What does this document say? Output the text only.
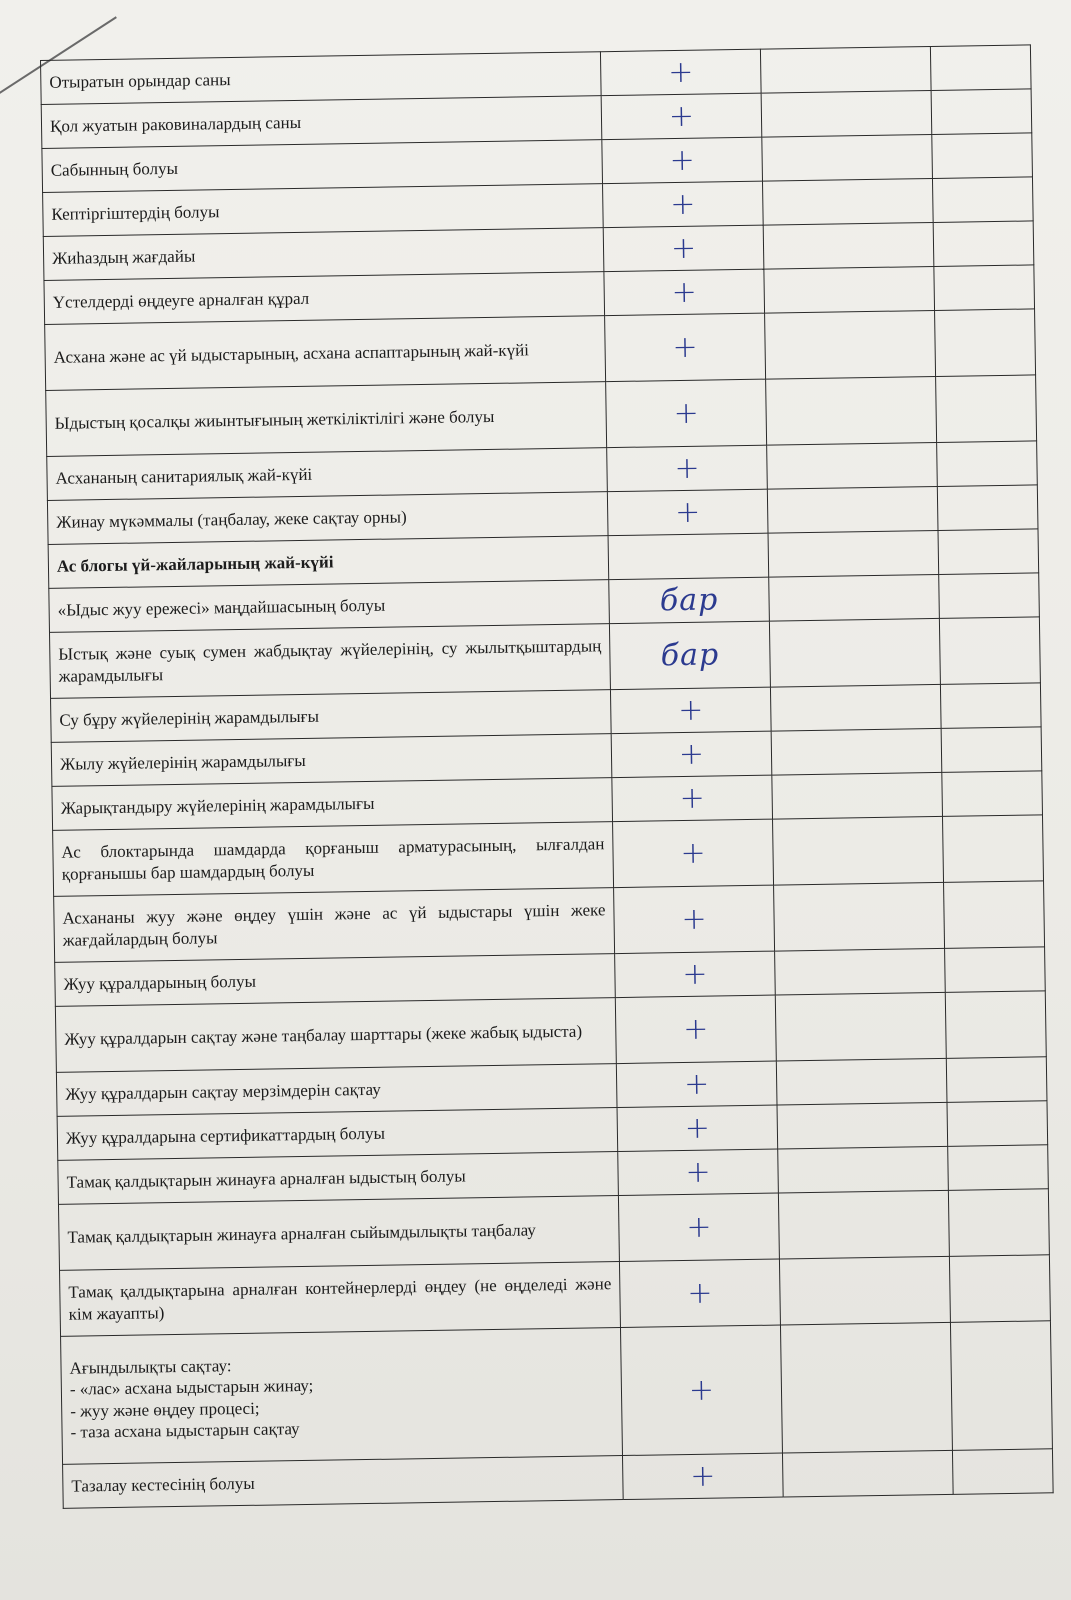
Отыратын орындар саны	+		
Қол жуатын раковиналардың саны	+		
Сабынның болуы	+		
Кептіргіштердің болуы	+		
Жиһаздың жағдайы	+		
Үстелдерді өңдеуге арналған құрал	+		
Асхана және ас үй ыдыстарының, асхана аспаптарының жай-күйі	+		
Ыдыстың қосалқы жиынтығының жеткіліктілігі және болуы	+		
Асхананың санитариялық жай-күйі	+		
Жинау мүкәммалы (таңбалау, жеке сақтау орны)	+		
Ас блогы үй-жайларының жай-күйі			
«Ыдыс жуу ережесі» маңдайшасының болуы	бар		
Ыстық және суық сумен жабдықтау жүйелерінің, су жылытқыштардың жарамдылығы	бар		
Су бұру жүйелерінің жарамдылығы	+		
Жылу жүйелерінің жарамдылығы	+		
Жарықтандыру жүйелерінің жарамдылығы	+		
Ас блоктарында шамдарда қорғаныш арматурасының, ылғалдан қорғанышы бар шамдардың болуы	+		
Асхананы жуу және өңдеу үшін және ас үй ыдыстары үшін жеке жағдайлардың болуы	+		
Жуу құралдарының болуы	+		
Жуу құралдарын сақтау және таңбалау шарттары (жеке жабық ыдыста)	+		
Жуу құралдарын сақтау мерзімдерін сақтау	+		
Жуу құралдарына сертификаттардың болуы	+		
Тамақ қалдықтарын жинауға арналған ыдыстың болуы	+		
Тамақ қалдықтарын жинауға арналған сыйымдылықты таңбалау	+		
Тамақ қалдықтарына арналған контейнерлерді өңдеу (не өңделеді және кім жауапты)	+		

Ағындылықты сақтау:
- «лас» асхана ыдыстарын жинау;
- жуу және өңдеу процесі;
- таза асхана ыдыстарын сақтау	+		
Тазалау кестесінің болуы	+		
